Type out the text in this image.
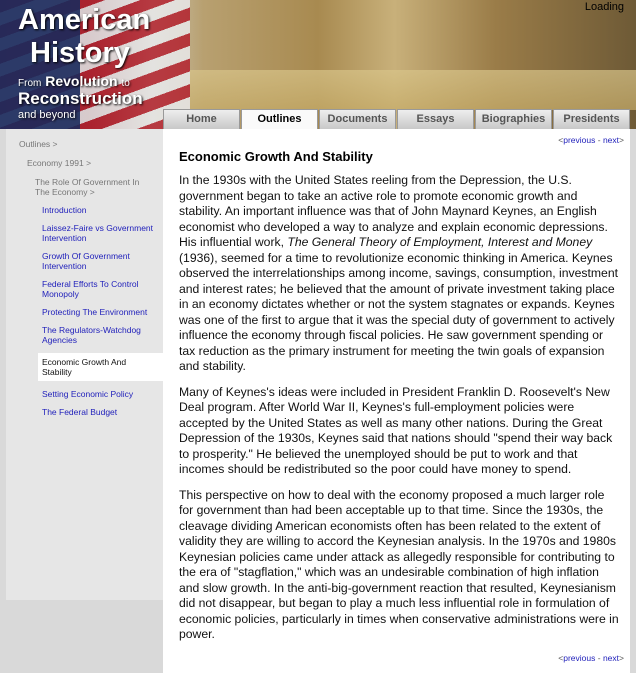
American
History
From Revolution to
Reconstruction
and beyond
Loading
Home	Outlines	Documents	Essays	Biographies	Presidents
Outlines >
Economy 1991 >
The Role Of Government In The Economy >
Introduction
Laissez-Faire vs Government Intervention
Growth Of Government Intervention
Federal Efforts To Control Monopoly
Protecting The Environment
The Regulators-Watchdog Agencies
Economic Growth And Stability
Setting Economic Policy
The Federal Budget
<previous - next>
Economic Growth And Stability

In the 1930s with the United States reeling from the Depression, the U.S. government began to take an active role to promote economic growth and stability. An important influence was that of John Maynard Keynes, an English economist who developed a way to analyze and explain economic depressions. His influential work, The General Theory of Employment, Interest and Money (1936), seemed for a time to revolutionize economic thinking in America. Keynes observed the interrelationships among income, savings, consumption, investment and interest rates; he believed that the amount of private investment taking place in an economy dictates whether or not the system stagnates or expands. Keynes was one of the first to argue that it was the special duty of government to actively influence the economy through fiscal policies. He saw government spending or tax reduction as the primary instrument for meeting the twin goals of expansion and stability.

Many of Keynes's ideas were included in President Franklin D. Roosevelt's New Deal program. After World War II, Keynes's full-employment policies were accepted by the United States as well as many other nations. During the Great Depression of the 1930s, Keynes said that nations should "spend their way back to prosperity." He believed the unemployed should be put to work and that incomes should be redistributed so the poor could have money to spend.

This perspective on how to deal with the economy proposed a much larger role for government than had been acceptable up to that time. Since the 1930s, the cleavage dividing American economists often has been related to the extent of validity they are willing to accord the Keynesian analysis. In the 1970s and 1980s Keynesian policies came under attack as allegedly responsible for contributing to the era of "stagflation," which was an undesirable combination of high inflation and slow growth. In the anti-big-government reaction that resulted, Keynesianism did not disappear, but began to play a much less influential role in formulation of economic policies, particularly in times when conservative administrations were in power.

<previous - next>
